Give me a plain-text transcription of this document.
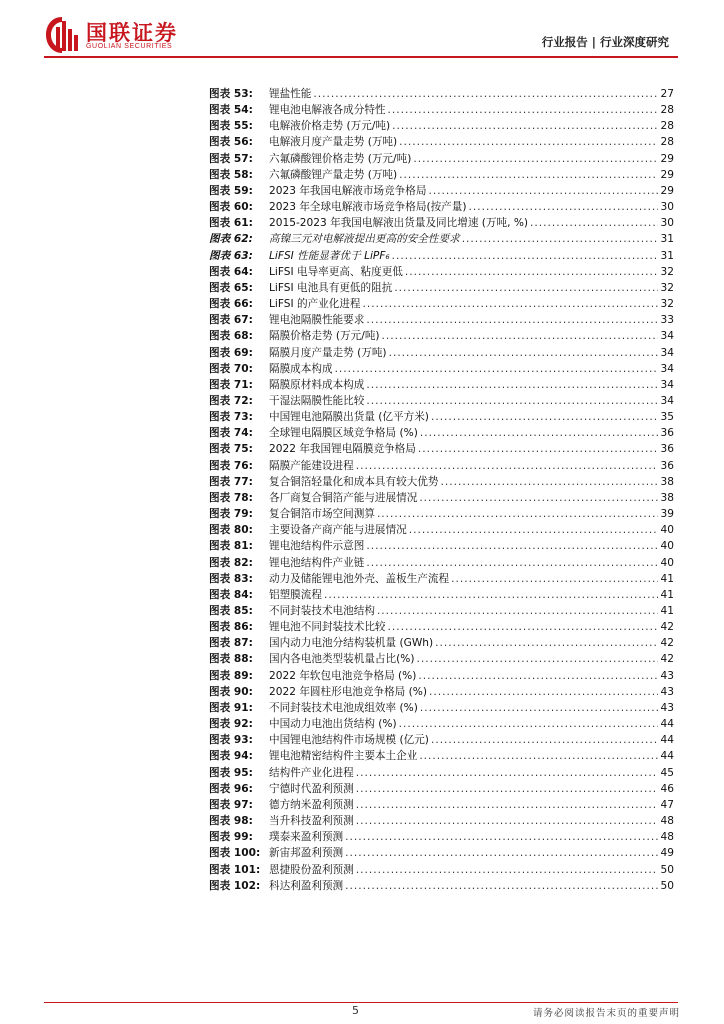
国联证券
GUOLIAN SECURITIES	行业报告 | 行业深度研究
图表 53:	锂盐性能 .....	27
图表 54:	锂电池电解液各成分特性 .....	28
图表 55:	电解液价格走势 (万元/吨) .....	28
图表 56:	电解液月度产量走势 (万吨) .....	28
图表 57:	六氟磷酸锂价格走势 (万元/吨) .....	29
图表 58:	六氟磷酸锂产量走势 (万吨) .....	29
图表 59:	2023 年我国电解液市场竞争格局 .....	29
图表 60:	2023 年全球电解液市场竞争格局(按产量) .....	30
图表 61:	2015-2023 年我国电解液出货量及同比增速 (万吨, %) .....	30
图表 62:	高镍三元对电解液提出更高的安全性要求 .....	31
图表 63:	LiFSI 性能显著优于 LiPF₆ .....	31
图表 64:	LiFSI 电导率更高、粘度更低 .....	32
图表 65:	LiFSI 电池具有更低的阻抗 .....	32
图表 66:	LiFSI 的产业化进程 .....	32
图表 67:	锂电池隔膜性能要求 .....	33
图表 68:	隔膜价格走势 (万元/吨) .....	34
图表 69:	隔膜月度产量走势 (万吨) .....	34
图表 70:	隔膜成本构成 .....	34
图表 71:	隔膜原材料成本构成 .....	34
图表 72:	干湿法隔膜性能比较 .....	34
图表 73:	中国锂电池隔膜出货量 (亿平方米) .....	35
图表 74:	全球锂电隔膜区域竞争格局 (%) .....	36
图表 75:	2022 年我国锂电隔膜竞争格局 .....	36
图表 76:	隔膜产能建设进程 .....	36
图表 77:	复合铜箔轻量化和成本具有较大优势 .....	38
图表 78:	各厂商复合铜箔产能与进展情况 .....	38
图表 79:	复合铜箔市场空间测算 .....	39
图表 80:	主要设备产商产能与进展情况 .....	40
图表 81:	锂电池结构件示意图 .....	40
图表 82:	锂电池结构件产业链 .....	40
图表 83:	动力及储能锂电池外壳、盖板生产流程 .....	41
图表 84:	铝塑膜流程 .....	41
图表 85:	不同封装技术电池结构 .....	41
图表 86:	锂电池不同封装技术比较 .....	42
图表 87:	国内动力电池分结构装机量 (GWh) .....	42
图表 88:	国内各电池类型装机量占比(%) .....	42
图表 89:	2022 年软包电池竞争格局 (%) .....	43
图表 90:	2022 年圆柱形电池竞争格局 (%) .....	43
图表 91:	不同封装技术电池成组效率 (%) .....	43
图表 92:	中国动力电池出货结构 (%) .....	44
图表 93:	中国锂电池结构件市场规模 (亿元) .....	44
图表 94:	锂电池精密结构件主要本土企业 .....	44
图表 95:	结构件产业化进程 .....	45
图表 96:	宁德时代盈利预测 .....	46
图表 97:	德方纳米盈利预测 .....	47
图表 98:	当升科技盈利预测 .....	48
图表 99:	璞泰来盈利预测 .....	48
图表 100: 新宙邦盈利预测 .....	49
图表 101: 恩捷股份盈利预测 .....	50
图表 102: 科达利盈利预测 .....	50
5	请务必阅读报告末页的重要声明
